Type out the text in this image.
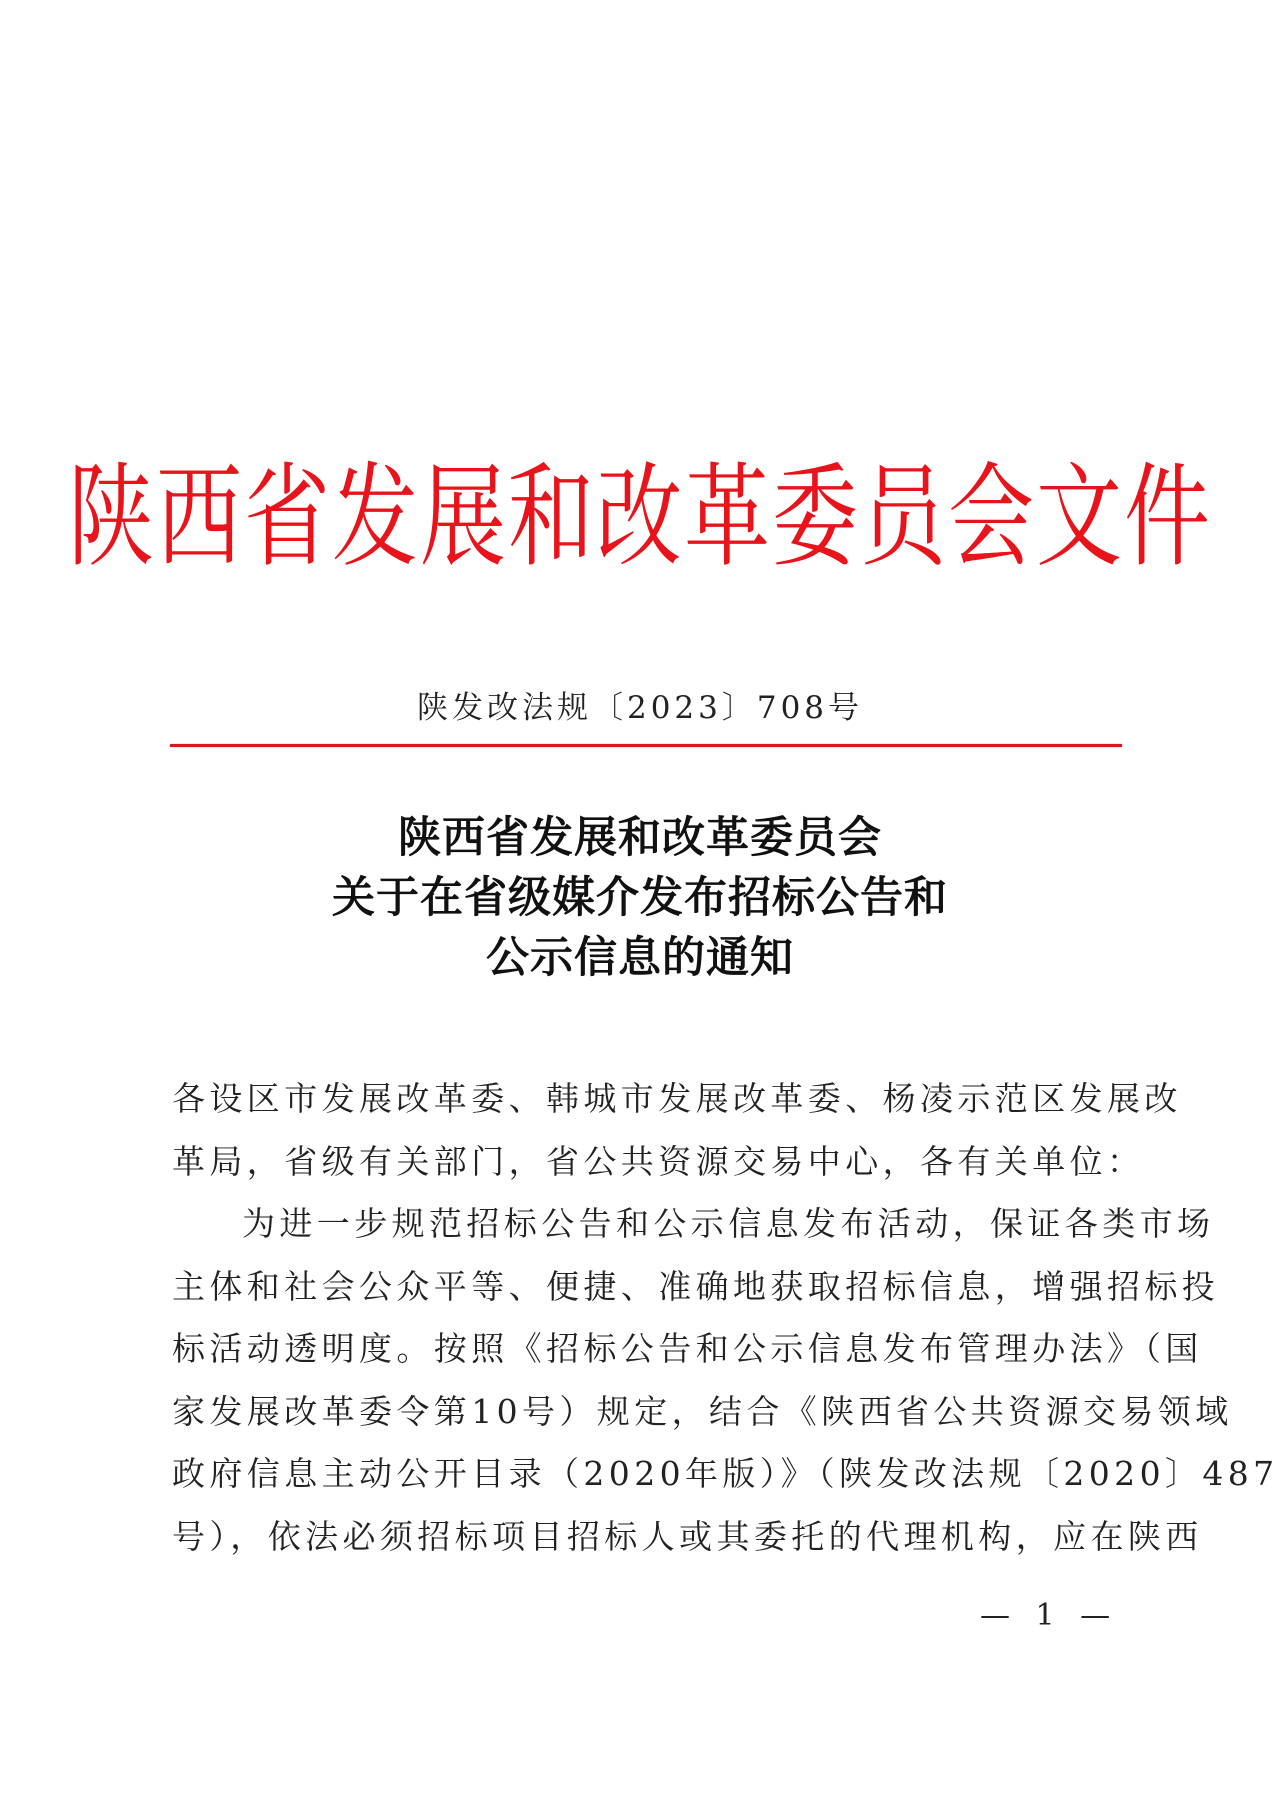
陕西省发展和改革委员会文件
陕发改法规〔2023〕708号
陕西省发展和改革委员会
关于在省级媒介发布招标公告和
公示信息的通知
各设区市发展改革委、韩城市发展改革委、杨凌示范区发展改
革局，省级有关部门，省公共资源交易中心，各有关单位：
为进一步规范招标公告和公示信息发布活动，保证各类市场
主体和社会公众平等、便捷、准确地获取招标信息，增强招标投
标活动透明度。按照《招标公告和公示信息发布管理办法》（国
家发展改革委令第10号）规定，结合《陕西省公共资源交易领域
政府信息主动公开目录（2020年版）》（陕发改法规〔2020〕487
号），依法必须招标项目招标人或其委托的代理机构，应在陕西
— 1 —
